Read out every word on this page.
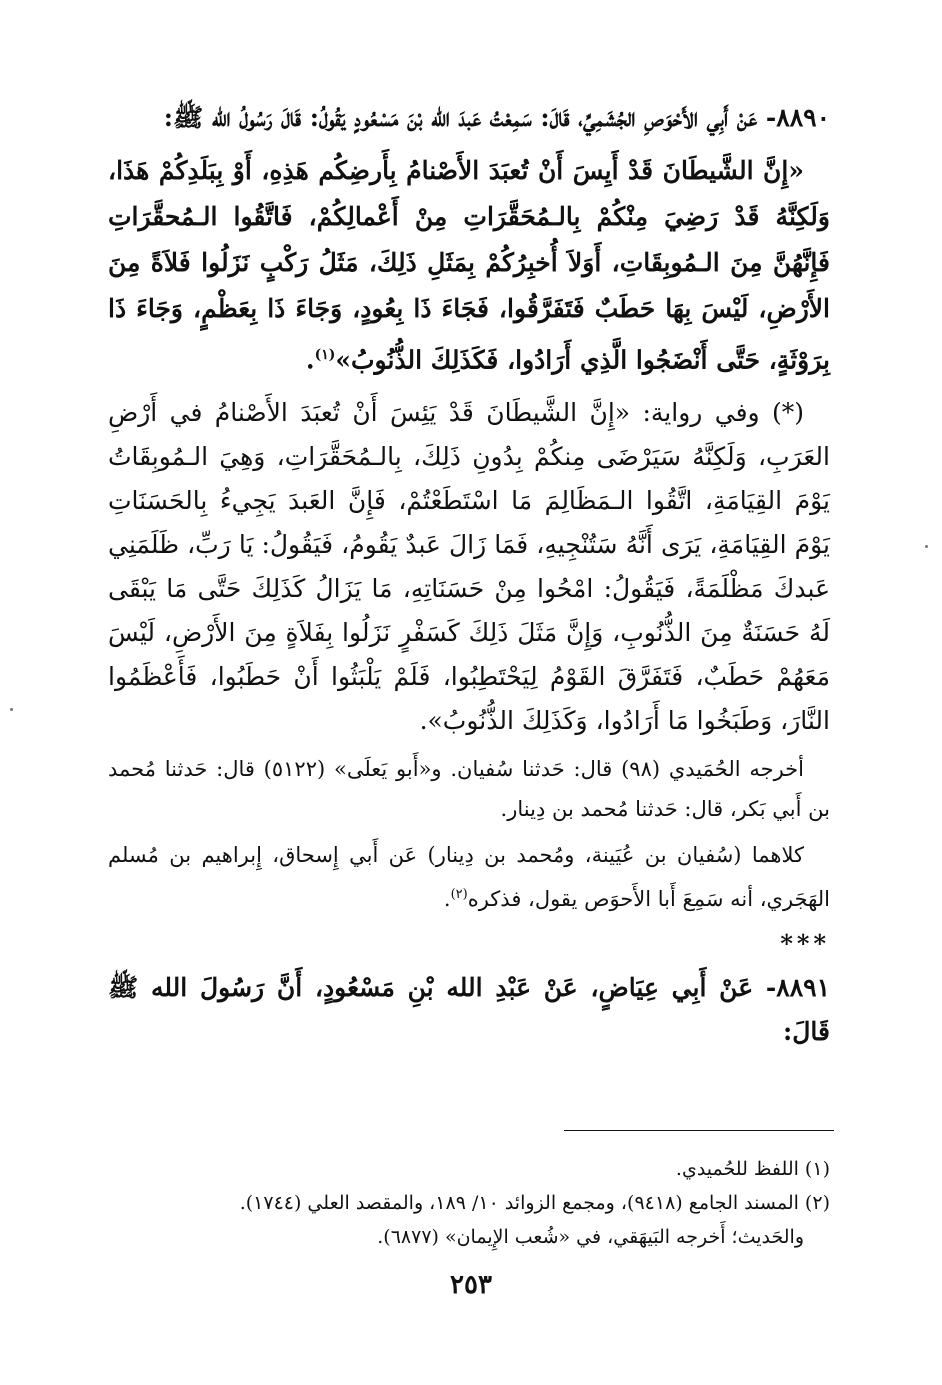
٨٨٩٠- عَنْ أَبِي الأَحْوَصِ الجُشَمِيِّ، قَالَ: سَمِعْتُ عَبدَ الله بْنَ مَسْعُودٍ يَقُولُ: قَالَ رَسُولُ الله ﷺ:

«إِنَّ الشَّيطَانَ قَدْ أَيِسَ أَنْ تُعبَدَ الأَصْنامُ بِأَرضِكُم هَذِهِ، أَوْ بِبَلَدِكُمْ هَذَا، وَلَكِنَّهُ قَدْ رَضِيَ مِنْكُمْ بِالـمُحَقَّرَاتِ مِنْ أَعْمالِكُمْ، فَاتَّقُوا الـمُحقَّرَاتِ فَإِنَّهُنَّ مِنَ الـمُوبِقَاتِ، أَوَلاَ أُخبِرُكُمْ بِمَثَلِ ذَلِكَ، مَثَلُ رَكْبٍ نَزَلُوا فَلاَةً مِنَ الأَرْضِ، لَيْسَ بِهَا حَطَبٌ فَتَفَرَّقُوا، فَجَاءَ ذَا بِعُودٍ، وَجَاءَ ذَا بِعَظْمٍ، وَجَاءَ ذَا بِرَوْثَةٍ، حَتَّى أَنْضَجُوا الَّذِي أَرَادُوا، فَكَذَلِكَ الذُّنُوبُ»$^{(١)}$.

(*) وفي رواية: «إِنَّ الشَّيطَانَ قَدْ يَئِسَ أَنْ تُعبَدَ الأَصْنامُ في أَرْضِ العَرَبِ، وَلَكِنَّهُ سَيَرْضَى مِنكُمْ بِدُونِ ذَلِكَ، بِالـمُحَقَّرَاتِ، وَهِيَ الـمُوبِقَاتُ يَوْمَ القِيَامَةِ، اتَّقُوا الـمَظَالِمَ مَا اسْتَطَعْتُمْ، فَإِنَّ العَبدَ يَجِيءُ بِالحَسَنَاتِ يَوْمَ القِيَامَةِ، يَرَى أَنَّهُ سَتُنْجِيهِ، فَمَا زَالَ عَبدٌ يَقُومُ، فَيَقُولُ: يَا رَبِّ، ظَلَمَنِي عَبدكَ مَظْلَمَةً، فَيَقُولُ: امْحُوا مِنْ حَسَنَاتِهِ، مَا يَزَالُ كَذَلِكَ حَتَّى مَا يَبْقَى لَهُ حَسَنَةٌ مِنَ الذُّنُوبِ، وَإِنَّ مَثَلَ ذَلِكَ كَسَفْرٍ نَزَلُوا بِفَلاَةٍ مِنَ الأَرْضِ، لَيْسَ مَعَهُمْ حَطَبٌ، فَتَفَرَّقَ القَوْمُ لِيَحْتَطِبُوا، فَلَمْ يَلْبَثُوا أَنْ حَطَبُوا، فَأَعْظَمُوا النَّارَ، وَطَبَخُوا مَا أَرَادُوا، وَكَذَلِكَ الذُّنُوبُ».

أخرجه الحُمَيدي (٩٨) قال: حَدثنا سُفيان. و«أَبو يَعلَى» (٥١٢٢) قال: حَدثنا مُحمد بن أَبي بَكر، قال: حَدثنا مُحمد بن دِينار.

كلاهما (سُفيان بن عُيَينة، ومُحمد بن دِينار) عَن أَبي إِسحاق، إِبراهيم بن مُسلم الهَجَري، أنه سَمِعَ أَبا الأَحوَص يقول، فذكره$^{(٢)}$.

***

٨٨٩١- عَنْ أَبِي عِيَاضٍ، عَنْ عَبْدِ الله بْنِ مَسْعُودٍ، أَنَّ رَسُولَ الله ﷺ قَالَ:

(١) اللفظ للحُميدي.

(٢) المسند الجامع (٩٤١٨)، ومجمع الزوائد ١٠/ ١٨٩، والمقصد العلي (١٧٤٤).

والحَديث؛ أَخرجه البَيهَقي، في «شُعب الإِيمان» (٦٨٧٧).

٢٥٣
